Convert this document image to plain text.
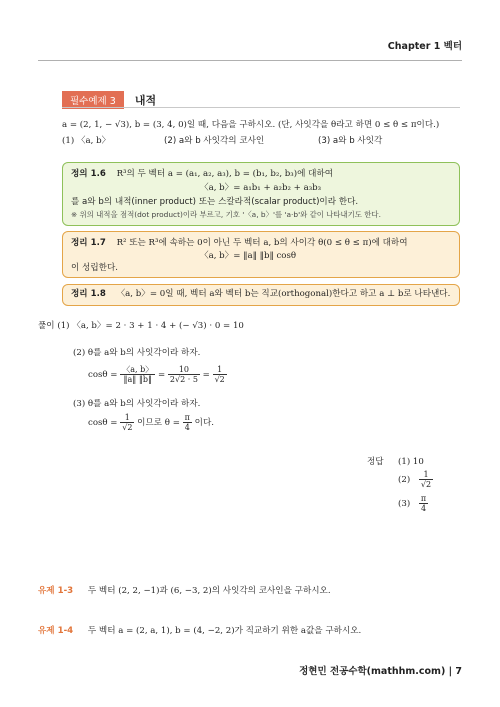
Chapter 1 벡터
필수예제 3 내적
a = (2, 1, − √3), b = (3, 4, 0)일 때, 다음을 구하시오. (단, 사잇각을 θ라고 하면 0 ≤ θ ≤ π이다.)
(1) 〈a, b〉	(2) a와 b 사잇각의 코사인	(3) a와 b 사잇각
정의 1.6 R³의 두 벡터 a = (a₁, a₂, a₃), b = (b₁, b₂, b₃)에 대하여
〈a, b〉= a₁b₁ + a₂b₂ + a₃b₃
를 a와 b의 내적(inner product) 또는 스칼라적(scalar product)이라 한다.
※ 위의 내적을 점적(dot product)이라 부르고, 기호 '〈a, b〉'를 'a·b'와 같이 나타내기도 한다.
정리 1.7 R² 또는 R³에 속하는 0이 아닌 두 벡터 a, b의 사이각 θ(0 ≤ θ ≤ π)에 대하여
〈a, b〉= ‖a‖ ‖b‖ cosθ
이 성립한다.
정리 1.8 〈a, b〉= 0일 때, 벡터 a와 벡터 b는 직교(orthogonal)한다고 하고 a ⊥ b로 나타낸다.
풀이 (1) 〈a, b〉= 2 · 3 + 1 · 4 + (− √3) · 0 = 10
(2) θ를 a와 b의 사잇각이라 하자.
$\cos\theta = \frac{〈a, b〉}{‖a‖ ‖b‖} = \frac{10}{2√2 \cdot 5} = \frac{1}{√2}$
(3) θ를 a와 b의 사잇각이라 하자.
$\cos\theta = \frac{1}{√2}$ 이므로 $\theta = \frac{\pi}{4}$ 이다.
정답 (1) 10
$(2) \frac{1}{√2}$
$(3) \frac{\pi}{4}$
유제 1-3 두 벡터 (2, 2, −1)과 (6, −3, 2)의 사잇각의 코사인을 구하시오.
유제 1-4 두 벡터 a = (2, a, 1), b = (4, −2, 2)가 직교하기 위한 a값을 구하시오.
정현민 전공수학(mathhm.com) | 7
